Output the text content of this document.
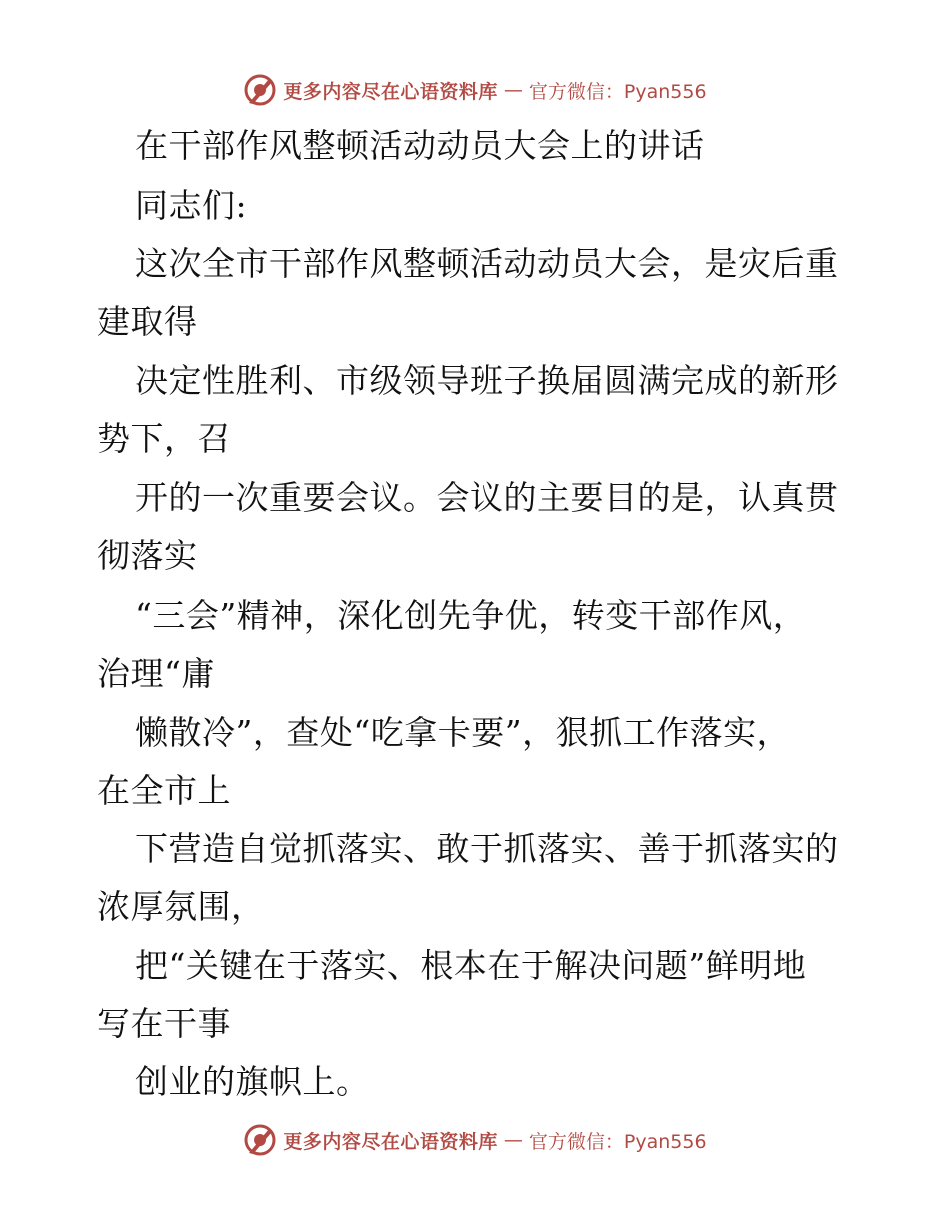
更多内容尽在心语资料库 — 官方微信：Pyan556
在干部作风整顿活动动员大会上的讲话
同志们:
这次全市干部作风整顿活动动员大会，是灾后重
建取得
决定性胜利、市级领导班子换届圆满完成的新形
势下，召
开的一次重要会议。会议的主要目的是，认真贯
彻落实
“三会”精神，深化创先争优，转变干部作风，
治理“庸
懒散冷”，查处“吃拿卡要”，狠抓工作落实，
在全市上
下营造自觉抓落实、敢于抓落实、善于抓落实的
浓厚氛围，
把“关键在于落实、根本在于解决问题”鲜明地
写在干事
创业的旗帜上。
更多内容尽在心语资料库 — 官方微信：Pyan556
